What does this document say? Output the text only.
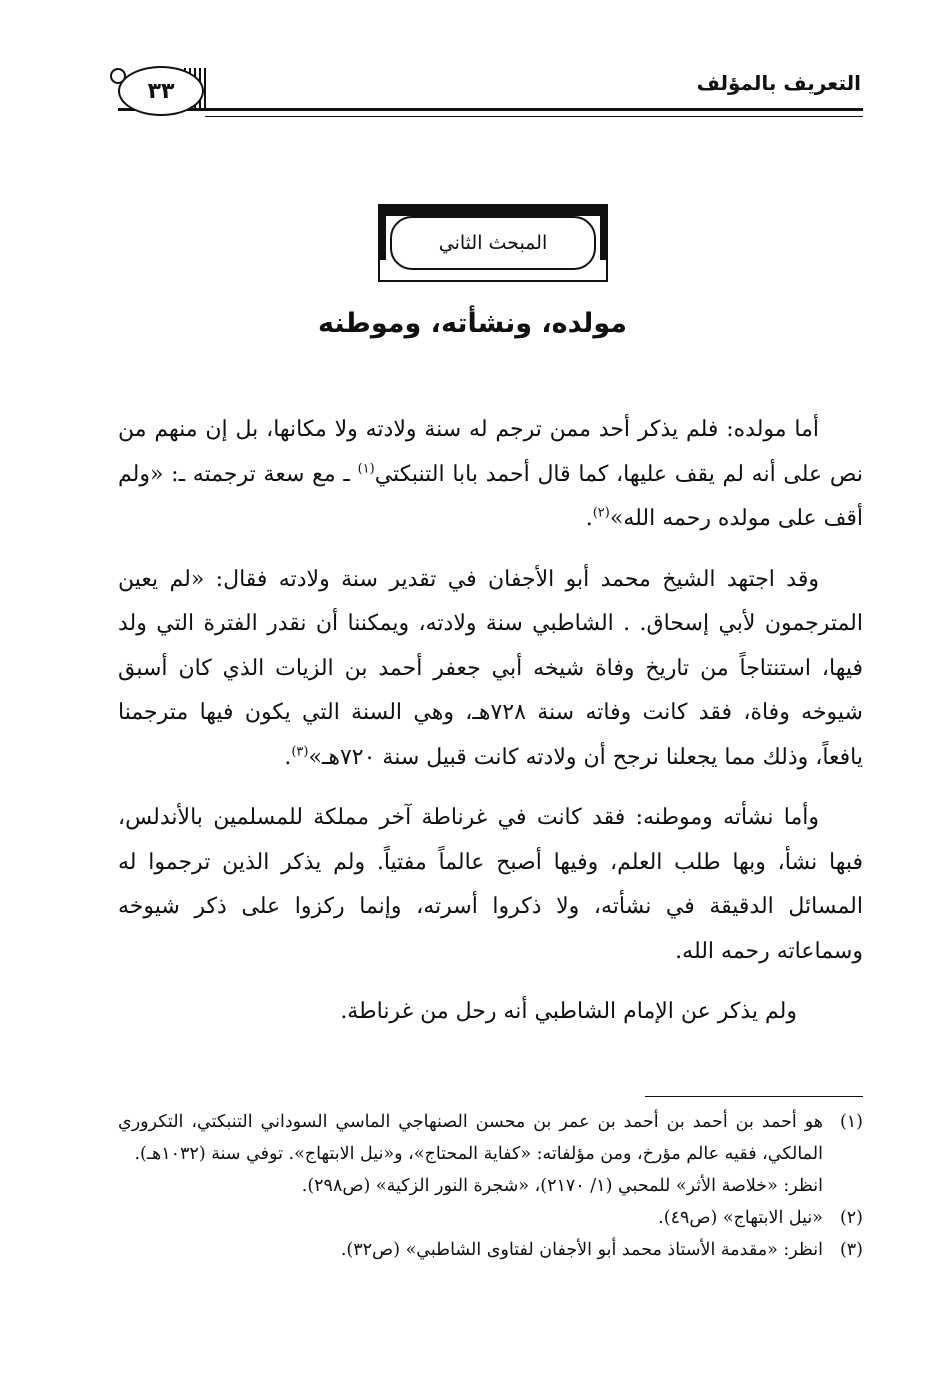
التعريف بالمؤلف
٣٣
المبحث الثاني
مولده، ونشأته، وموطنه

أما مولده: فلم يذكر أحد ممن ترجم له سنة ولادته ولا مكانها، بل إن منهم من نص على أنه لم يقف عليها، كما قال أحمد بابا التنبكتي$^{(١)}$ ـ مع سعة ترجمته ـ: «ولم أقف على مولده رحمه الله»$^{(٢)}$.

وقد اجتهد الشيخ محمد أبو الأجفان في تقدير سنة ولادته فقال: «لم يعين المترجمون لأبي إسحاق. . الشاطبي سنة ولادته، ويمكننا أن نقدر الفترة التي ولد فيها، استنتاجاً من تاريخ وفاة شيخه أبي جعفر أحمد بن الزيات الذي كان أسبق شيوخه وفاة، فقد كانت وفاته سنة ٧٢٨هـ، وهي السنة التي يكون فيها مترجمنا يافعاً، وذلك مما يجعلنا نرجح أن ولادته كانت قبيل سنة ٧٢٠هـ»$^{(٣)}$.

وأما نشأته وموطنه: فقد كانت في غرناطة آخر مملكة للمسلمين بالأندلس، فبها نشأ، وبها طلب العلم، وفيها أصبح عالماً مفتياً. ولم يذكر الذين ترجموا له المسائل الدقيقة في نشأته، ولا ذكروا أسرته، وإنما ركزوا على ذكر شيوخه وسماعاته رحمه الله.

ولم يذكر عن الإمام الشاطبي أنه رحل من غرناطة.

(١)
هو أحمد بن أحمد بن أحمد بن عمر بن محسن الصنهاجي الماسي السوداني التنبكتي، التكروري المالكي، فقيه عالم مؤرخ، ومن مؤلفاته: «كفاية المحتاج»، و«نيل الابتهاج». توفي سنة (١٠٣٢هـ).
انظر: «خلاصة الأثر» للمحبي (١/ ٢١٧٠)، «شجرة النور الزكية» (ص٢٩٨).
(٢)
«نيل الابتهاج» (ص٤٩).
(٣)
انظر: «مقدمة الأستاذ محمد أبو الأجفان لفتاوى الشاطبي» (ص٣٢).
